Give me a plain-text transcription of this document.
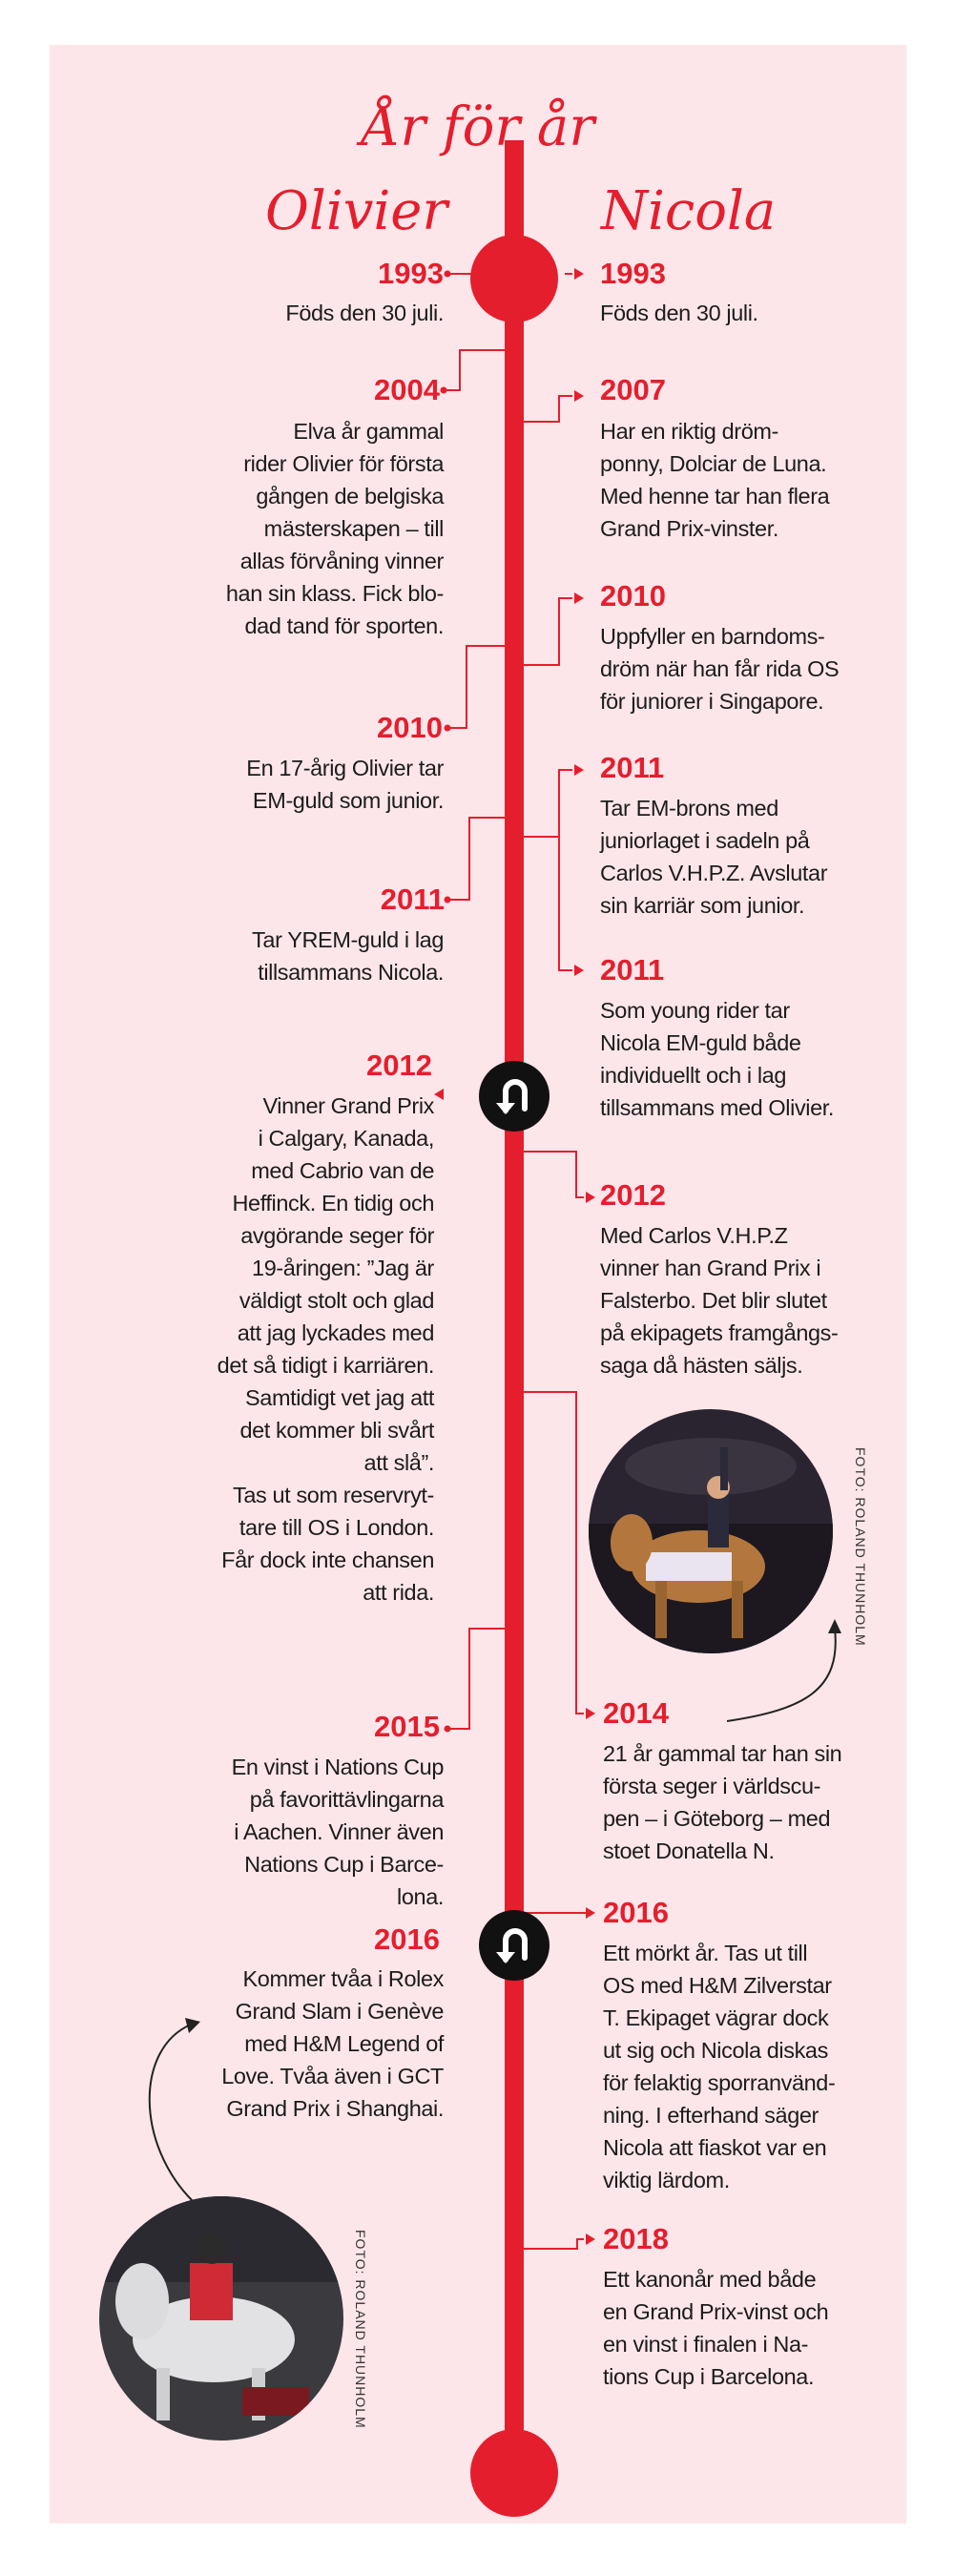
År för år
Olivier	Nicola
FOTO: ROLAND THUNHOLM
FOTO: ROLAND THUNHOLM
1993
Föds den 30 juli.
2004
Elva år gammal
rider Olivier för första
gången de belgiska
mästerskapen – till
allas förvåning vinner
han sin klass. Fick blo-
dad tand för sporten.
2010
En 17-årig Olivier tar
EM-guld som junior.
2011
Tar YREM-guld i lag
tillsammans Nicola.
2012
Vinner Grand Prix
i Calgary, Kanada,
med Cabrio van de
Heffinck. En tidig och
avgörande seger för
19-åringen: ”Jag är
väldigt stolt och glad
att jag lyckades med
det så tidigt i karriären.
Samtidigt vet jag att
det kommer bli svårt
att slå”.
Tas ut som reservryt-
tare till OS i London.
Får dock inte chansen
att rida.
2015
En vinst i Nations Cup
på favorittävlingarna
i Aachen. Vinner även
Nations Cup i Barce-
lona.
2016
Kommer tvåa i Rolex
Grand Slam i Genève
med H&M Legend of
Love. Tvåa även i GCT
Grand Prix i Shanghai.
1993
Föds den 30 juli.
2007
Har en riktig dröm-
ponny, Dolciar de Luna.
Med henne tar han flera
Grand Prix-vinster.
2010
Uppfyller en barndoms-
dröm när han får rida OS
för juniorer i Singapore.
2011
Tar EM-brons med
juniorlaget i sadeln på
Carlos V.H.P.Z. Avslutar
sin karriär som junior.
2011
Som young rider tar
Nicola EM-guld både
individuellt och i lag
tillsammans med Olivier.
2012
Med Carlos V.H.P.Z
vinner han Grand Prix i
Falsterbo. Det blir slutet
på ekipagets framgångs-
saga då hästen säljs.
2014
21 år gammal tar han sin
första seger i världscu-
pen – i Göteborg – med
stoet Donatella N.
2016
Ett mörkt år. Tas ut till
OS med H&M Zilverstar
T. Ekipaget vägrar dock
ut sig och Nicola diskas
för felaktig sporranvänd-
ning. I efterhand säger
Nicola att fiaskot var en
viktig lärdom.
2018
Ett kanonår med både
en Grand Prix-vinst och
en vinst i finalen i Na-
tions Cup i Barcelona.
